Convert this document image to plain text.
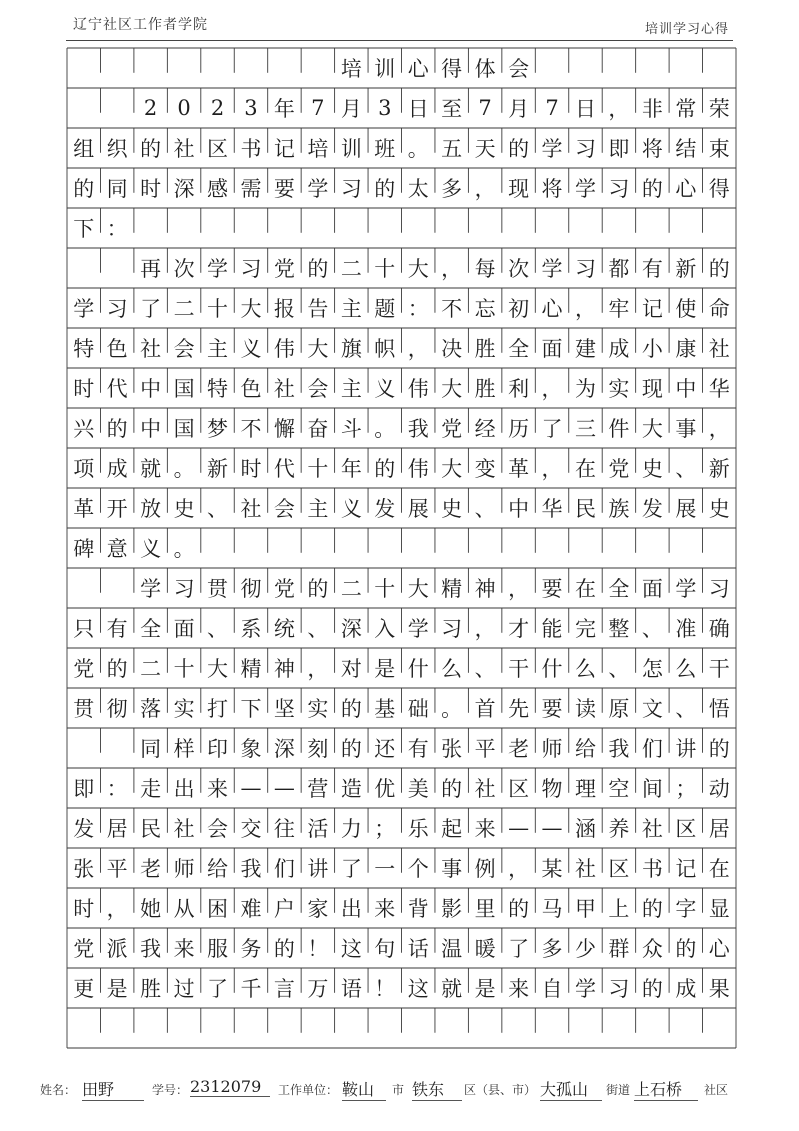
辽宁社区工作者学院	培训学习心得
培 训 心 得 体 会
2 0 2 3 年 7 月 3 日 至 7 月 7 日 ， 非 常 荣
组 织 的 社 区 书 记 培 训 班 。 五 天 的 学 习 即 将 结 束
的 同 时 深 感 需 要 学 习 的 太 多 ， 现 将 学 习 的 心 得
下 ：
再 次 学 习 党 的 二 十 大 ， 每 次 学 习 都 有 新 的
学 习 了 二 十 大 报 告 主 题 ： 不 忘 初 心 ， 牢 记 使 命
特 色 社 会 主 义 伟 大 旗 帜 ， 决 胜 全 面 建 成 小 康 社
时 代 中 国 特 色 社 会 主 义 伟 大 胜 利 ， 为 实 现 中 华
兴 的 中 国 梦 不 懈 奋 斗 。 我 党 经 历 了 三 件 大 事 ，
项 成 就 。 新 时 代 十 年 的 伟 大 变 革 ， 在 党 史 、 新
革 开 放 史 、 社 会 主 义 发 展 史 、 中 华 民 族 发 展 史
碑 意 义 。
学 习 贯 彻 党 的 二 十 大 精 神 ， 要 在 全 面 学 习
只 有 全 面 、 系 统 、 深 入 学 习 ， 才 能 完 整 、 准 确
党 的 二 十 大 精 神 ， 对 是 什 么 、 干 什 么 、 怎 么 干
贯 彻 落 实 打 下 坚 实 的 基 础 。 首 先 要 读 原 文 、 悟
同 样 印 象 深 刻 的 还 有 张 平 老 师 给 我 们 讲 的
即 ： 走 出 来 — — 营 造 优 美 的 社 区 物 理 空 间 ； 动
发 居 民 社 会 交 往 活 力 ； 乐 起 来 — — 涵 养 社 区 居
张 平 老 师 给 我 们 讲 了 一 个 事 例 ， 某 社 区 书 记 在
时 ， 她 从 困 难 户 家 出 来 背 影 里 的 马 甲 上 的 字 显
党 派 我 来 服 务 的 ！ 这 句 话 温 暖 了 多 少 群 众 的 心
更 是 胜 过 了 千 言 万 语 ！ 这 就 是 来 自 学 习 的 成 果
姓名： 田野	学号： 2312079	工作单位： 鞍山	市 铁东	区（县、市） 大孤山	街道 上石桥	社区
